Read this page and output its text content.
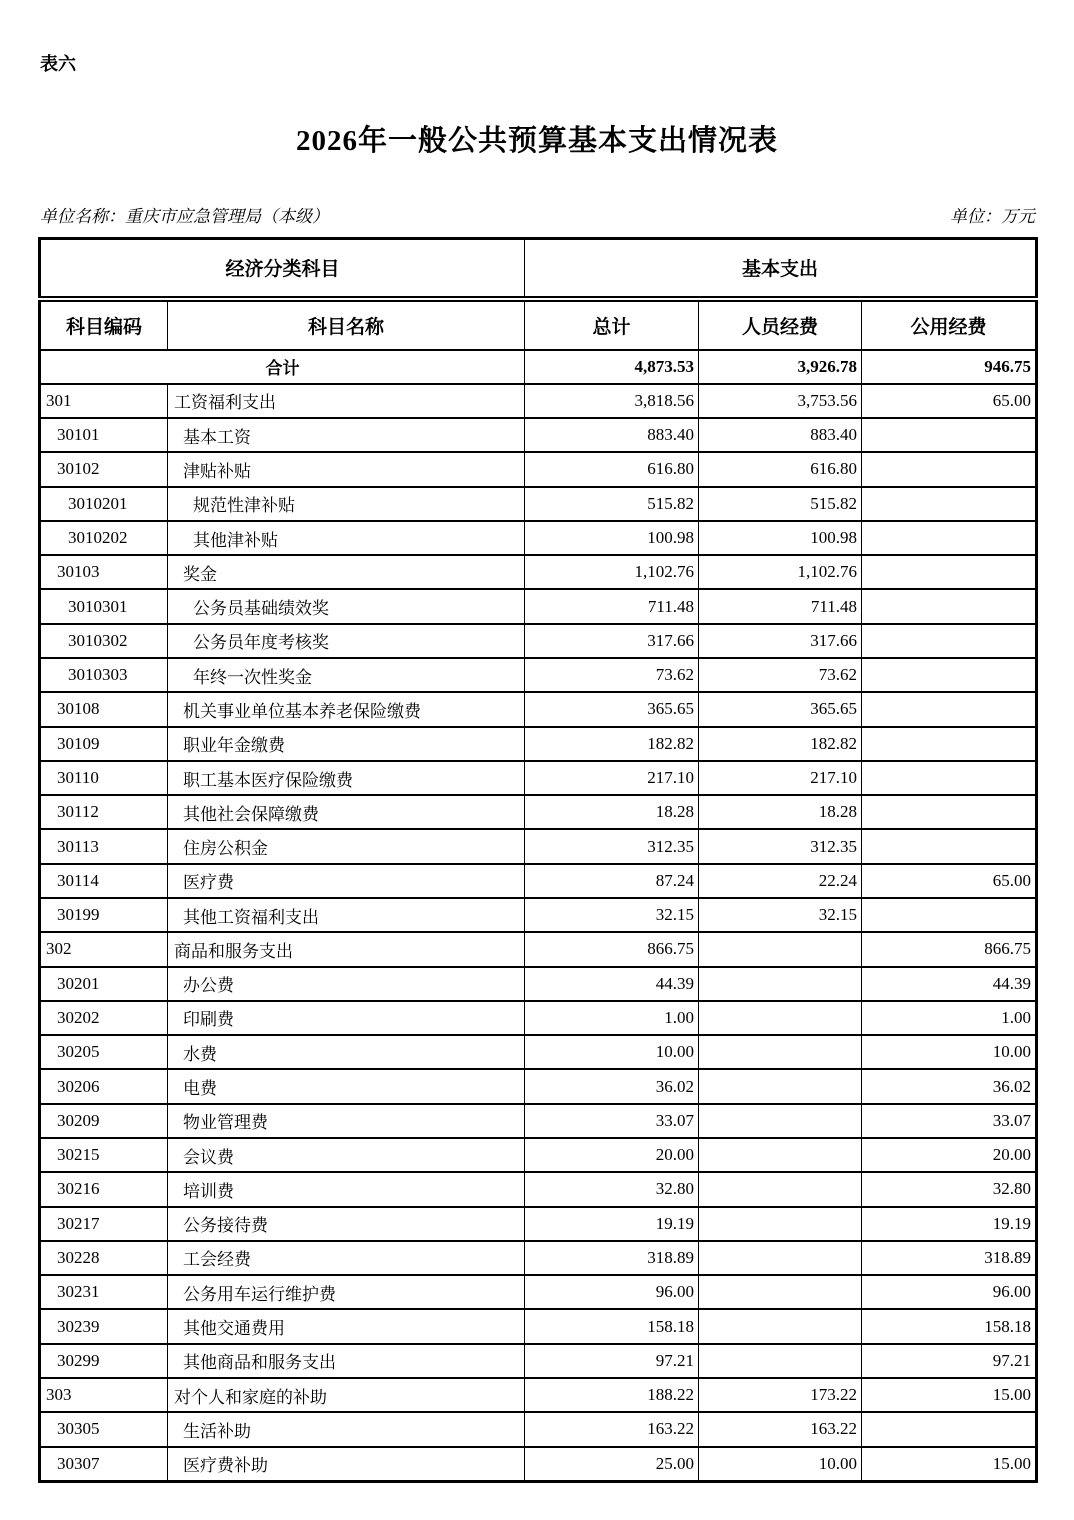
表六
2026年一般公共预算基本支出情况表
单位名称：重庆市应急管理局（本级）	单位：万元
经济分类科目		基本支出		
科目编码	科目名称	总计	人员经费	公用经费
合计		4,873.53	3,926.78	946.75
301	工资福利支出	3,818.56	3,753.56	65.00
30101	基本工资	883.40	883.40	
30102	津贴补贴	616.80	616.80	
3010201	规范性津补贴	515.82	515.82	
3010202	其他津补贴	100.98	100.98	
30103	奖金	1,102.76	1,102.76	
3010301	公务员基础绩效奖	711.48	711.48	
3010302	公务员年度考核奖	317.66	317.66	
3010303	年终一次性奖金	73.62	73.62	
30108	机关事业单位基本养老保险缴费	365.65	365.65	
30109	职业年金缴费	182.82	182.82	
30110	职工基本医疗保险缴费	217.10	217.10	
30112	其他社会保障缴费	18.28	18.28	
30113	住房公积金	312.35	312.35	
30114	医疗费	87.24	22.24	65.00
30199	其他工资福利支出	32.15	32.15	
302	商品和服务支出	866.75		866.75
30201	办公费	44.39		44.39
30202	印刷费	1.00		1.00
30205	水费	10.00		10.00
30206	电费	36.02		36.02
30209	物业管理费	33.07		33.07
30215	会议费	20.00		20.00
30216	培训费	32.80		32.80
30217	公务接待费	19.19		19.19
30228	工会经费	318.89		318.89
30231	公务用车运行维护费	96.00		96.00
30239	其他交通费用	158.18		158.18
30299	其他商品和服务支出	97.21		97.21
303	对个人和家庭的补助	188.22	173.22	15.00
30305	生活补助	163.22	163.22	
30307	医疗费补助	25.00	10.00	15.00
